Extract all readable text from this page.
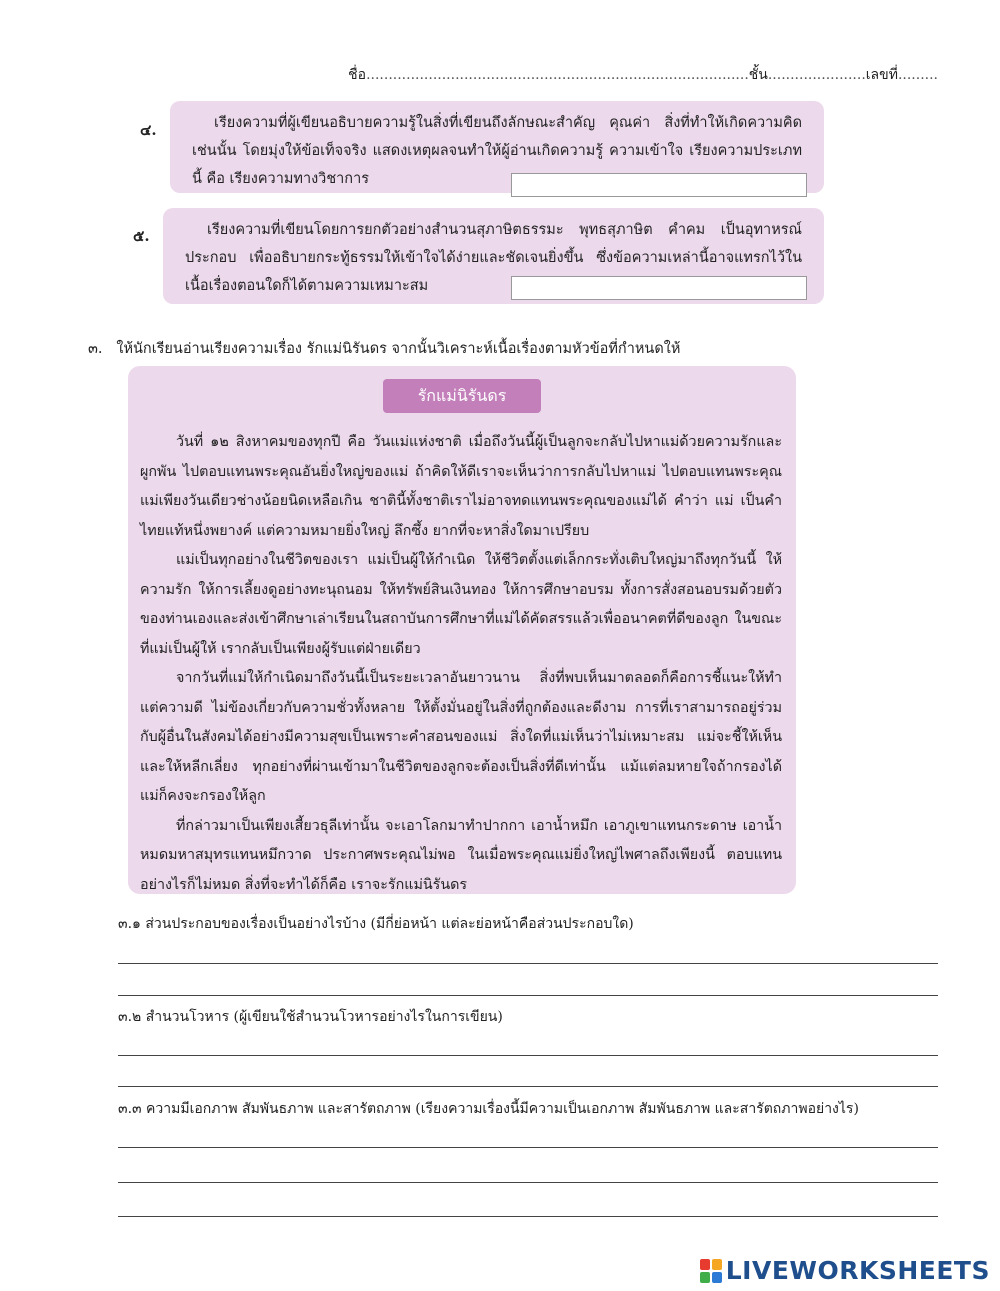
ชื่อ......................................................................................ชั้น......................เลขที่.........
๔.	เรียงความที่ผู้เขียนอธิบายความรู้ในสิ่งที่เขียนถึงลักษณะสำคัญ คุณค่า สิ่งที่ทำให้เกิดความคิด เช่นนั้น โดยมุ่งให้ข้อเท็จจริง แสดงเหตุผลจนทำให้ผู้อ่านเกิดความรู้ ความเข้าใจ เรียงความประเภทนี้ คือ เรียงความทางวิชาการ
๕.	เรียงความที่เขียนโดยการยกตัวอย่างสำนวนสุภาษิตธรรมะ พุทธสุภาษิต คำคม เป็นอุทาหรณ์ ประกอบ เพื่ออธิบายกระทู้ธรรมให้เข้าใจได้ง่ายและชัดเจนยิ่งขึ้น ซึ่งข้อความเหล่านี้อาจแทรกไว้ใน เนื้อเรื่องตอนใดก็ได้ตามความเหมาะสม
๓. ให้นักเรียนอ่านเรียงความเรื่อง รักแม่นิรันดร จากนั้นวิเคราะห์เนื้อเรื่องตามหัวข้อที่กำหนดให้
รักแม่นิรันดร

วันที่ ๑๒ สิงหาคมของทุกปี คือ วันแม่แห่งชาติ เมื่อถึงวันนี้ผู้เป็นลูกจะกลับไปหาแม่ด้วยความรักและผูกพัน ไปตอบแทนพระคุณอันยิ่งใหญ่ของแม่ ถ้าคิดให้ดีเราจะเห็นว่าการกลับไปหาแม่ ไปตอบแทนพระคุณแม่เพียงวันเดียวช่างน้อยนิดเหลือเกิน ชาตินี้ทั้งชาติเราไม่อาจทดแทนพระคุณของแม่ได้ คำว่า แม่ เป็นคำไทยแท้หนึ่งพยางค์ แต่ความหมายยิ่งใหญ่ ลึกซึ้ง ยากที่จะหาสิ่งใดมาเปรียบ

แม่เป็นทุกอย่างในชีวิตของเรา แม่เป็นผู้ให้กำเนิด ให้ชีวิตตั้งแต่เล็กกระทั่งเติบใหญ่มาถึงทุกวันนี้ ให้ความรัก ให้การเลี้ยงดูอย่างทะนุถนอม ให้ทรัพย์สินเงินทอง ให้การศึกษาอบรม ทั้งการสั่งสอนอบรมด้วยตัวของท่านเองและส่งเข้าศึกษาเล่าเรียนในสถาบันการศึกษาที่แม่ได้คัดสรรแล้วเพื่ออนาคตที่ดีของลูก ในขณะที่แม่เป็นผู้ให้ เรากลับเป็นเพียงผู้รับแต่ฝ่ายเดียว

จากวันที่แม่ให้กำเนิดมาถึงวันนี้เป็นระยะเวลาอันยาวนาน สิ่งที่พบเห็นมาตลอดก็คือการชี้แนะให้ทำแต่ความดี ไม่ข้องเกี่ยวกับความชั่วทั้งหลาย ให้ตั้งมั่นอยู่ในสิ่งที่ถูกต้องและดีงาม การที่เราสามารถอยู่ร่วมกับผู้อื่นในสังคมได้อย่างมีความสุขเป็นเพราะคำสอนของแม่ สิ่งใดที่แม่เห็นว่าไม่เหมาะสม แม่จะชี้ให้เห็นและให้หลีกเลี่ยง ทุกอย่างที่ผ่านเข้ามาในชีวิตของลูกจะต้องเป็นสิ่งที่ดีเท่านั้น แม้แต่ลมหายใจถ้ากรองได้ แม่ก็คงจะกรองให้ลูก

ที่กล่าวมาเป็นเพียงเสี้ยวธุลีเท่านั้น จะเอาโลกมาทำปากกา เอาน้ำหมึก เอาภูเขาแทนกระดาษ เอาน้ำหมดมหาสมุทรแทนหมึกวาด ประกาศพระคุณไม่พอ ในเมื่อพระคุณแม่ยิ่งใหญ่ไพศาลถึงเพียงนี้ ตอบแทนอย่างไรก็ไม่หมด สิ่งที่จะทำได้ก็คือ เราจะรักแม่นิรันดร

๓.๑ ส่วนประกอบของเรื่องเป็นอย่างไรบ้าง (มีกี่ย่อหน้า แต่ละย่อหน้าคือส่วนประกอบใด)
๓.๒ สำนวนโวหาร (ผู้เขียนใช้สำนวนโวหารอย่างไรในการเขียน)
๓.๓ ความมีเอกภาพ สัมพันธภาพ และสารัตถภาพ (เรียงความเรื่องนี้มีความเป็นเอกภาพ สัมพันธภาพ และสารัตถภาพอย่างไร)
LIVEWORKSHEETS
